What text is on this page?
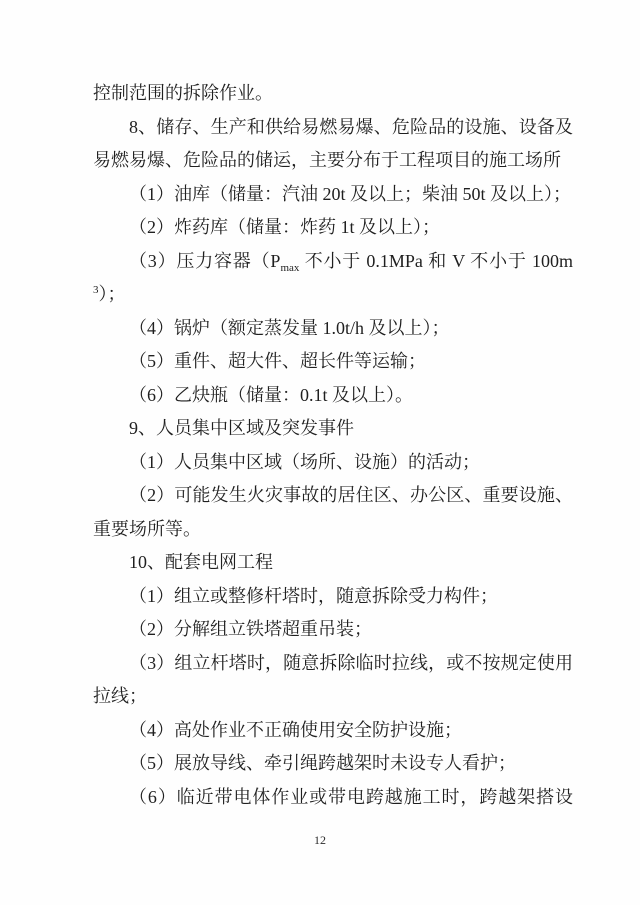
控制范围的拆除作业。

8、储存、生产和供给易燃易爆、危险品的设施、设备及易燃易爆、危险品的储运，主要分布于工程项目的施工场所

（1）油库（储量：汽油 20t 及以上；柴油 50t 及以上）；

（2）炸药库（储量：炸药 1t 及以上）；

（3）压力容器（$P_{max}$ 不小于 0.1MPa 和 V 不小于 $100m^3$）；

（4）锅炉（额定蒸发量 1.0t/h 及以上）；

（5）重件、超大件、超长件等运输；

（6）乙炔瓶（储量：0.1t 及以上）。

9、人员集中区域及突发事件

（1）人员集中区域（场所、设施）的活动；

（2）可能发生火灾事故的居住区、办公区、重要设施、重要场所等。

10、配套电网工程

（1）组立或整修杆塔时，随意拆除受力构件；

（2）分解组立铁塔超重吊装；

（3）组立杆塔时，随意拆除临时拉线，或不按规定使用拉线；

（4）高处作业不正确使用安全防护设施；

（5）展放导线、牵引绳跨越架时未设专人看护；

（6）临近带电体作业或带电跨越施工时，跨越架搭设

12
